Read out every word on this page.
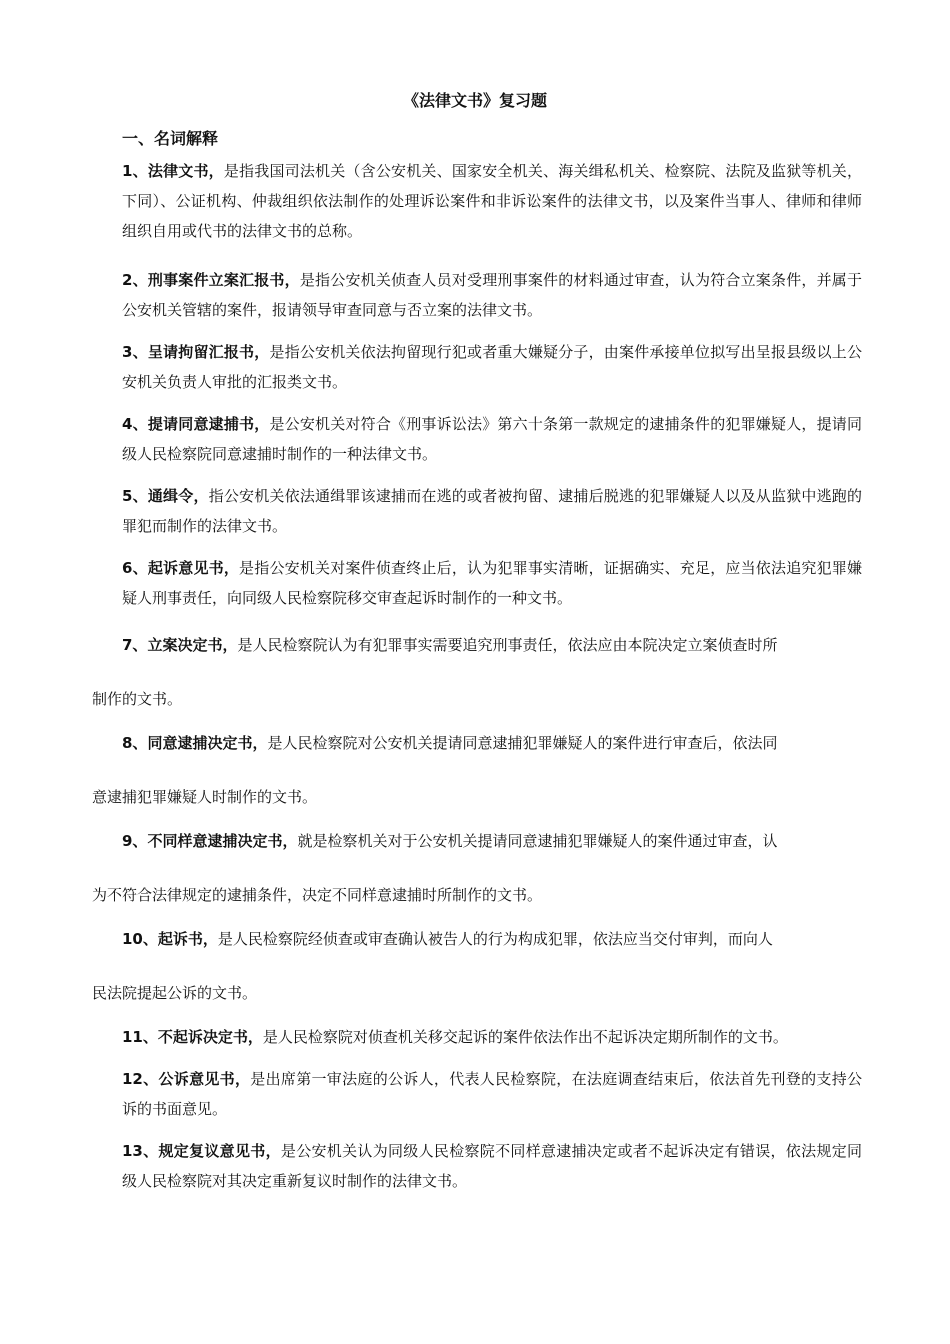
《法律文书》复习题
一、名词解释
1、法律文书，是指我国司法机关（含公安机关、国家安全机关、海关缉私机关、检察院、法院及监狱等机关，下同）、公证机构、仲裁组织依法制作的处理诉讼案件和非诉讼案件的法律文书，以及案件当事人、律师和律师组织自用或代书的法律文书的总称。
2、刑事案件立案汇报书，是指公安机关侦查人员对受理刑事案件的材料通过审查，认为符合立案条件，并属于公安机关管辖的案件，报请领导审查同意与否立案的法律文书。
3、呈请拘留汇报书，是指公安机关依法拘留现行犯或者重大嫌疑分子，由案件承接单位拟写出呈报县级以上公安机关负责人审批的汇报类文书。
4、提请同意逮捕书，是公安机关对符合《刑事诉讼法》第六十条第一款规定的逮捕条件的犯罪嫌疑人，提请同级人民检察院同意逮捕时制作的一种法律文书。
5、通缉令，指公安机关依法通缉罪该逮捕而在逃的或者被拘留、逮捕后脱逃的犯罪嫌疑人以及从监狱中逃跑的罪犯而制作的法律文书。
6、起诉意见书，是指公安机关对案件侦查终止后，认为犯罪事实清晰，证据确实、充足，应当依法追究犯罪嫌疑人刑事责任，向同级人民检察院移交审查起诉时制作的一种文书。
7、立案决定书，是人民检察院认为有犯罪事实需要追究刑事责任，依法应由本院决定立案侦查时所
制作的文书。
8、同意逮捕决定书，是人民检察院对公安机关提请同意逮捕犯罪嫌疑人的案件进行审查后，依法同
意逮捕犯罪嫌疑人时制作的文书。
9、不同样意逮捕决定书，就是检察机关对于公安机关提请同意逮捕犯罪嫌疑人的案件通过审查，认
为不符合法律规定的逮捕条件，决定不同样意逮捕时所制作的文书。
10、起诉书，是人民检察院经侦查或审查确认被告人的行为构成犯罪，依法应当交付审判，而向人
民法院提起公诉的文书。
11、不起诉决定书，是人民检察院对侦查机关移交起诉的案件依法作出不起诉决定期所制作的文书。
12、公诉意见书，是出席第一审法庭的公诉人，代表人民检察院，在法庭调查结束后，依法首先刊登的支持公诉的书面意见。
13、规定复议意见书，是公安机关认为同级人民检察院不同样意逮捕决定或者不起诉决定有错误，依法规定同级人民检察院对其决定重新复议时制作的法律文书。
